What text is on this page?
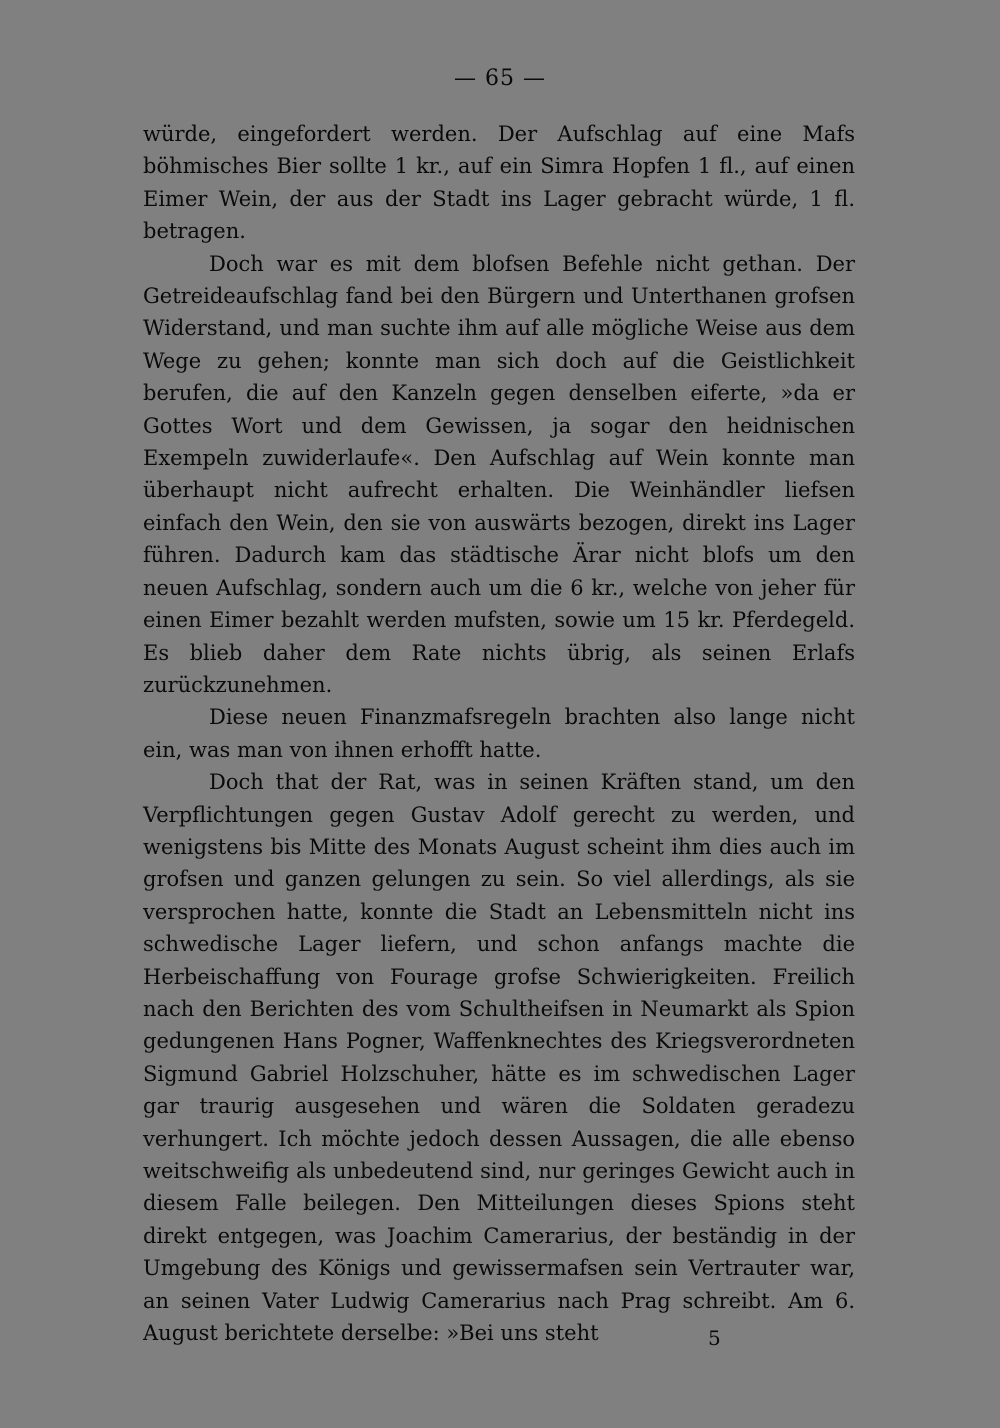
— 65 —

würde, eingefordert werden. Der Aufschlag auf eine Mafs böhmisches Bier sollte 1 kr., auf ein Simra Hopfen 1 fl., auf einen Eimer Wein, der aus der Stadt ins Lager gebracht würde, 1 fl. betragen.

Doch war es mit dem blofsen Befehle nicht gethan. Der Getreideaufschlag fand bei den Bürgern und Unterthanen grofsen Widerstand, und man suchte ihm auf alle mögliche Weise aus dem Wege zu gehen; konnte man sich doch auf die Geistlichkeit berufen, die auf den Kanzeln gegen denselben eiferte, »da er Gottes Wort und dem Gewissen, ja sogar den heidnischen Exempeln zuwiderlaufe«. Den Aufschlag auf Wein konnte man überhaupt nicht aufrecht erhalten. Die Weinhändler liefsen einfach den Wein, den sie von auswärts bezogen, direkt ins Lager führen. Dadurch kam das städtische Ärar nicht blofs um den neuen Aufschlag, sondern auch um die 6 kr., welche von jeher für einen Eimer bezahlt werden mufsten, sowie um 15 kr. Pferdegeld. Es blieb daher dem Rate nichts übrig, als seinen Erlafs zurückzunehmen.

Diese neuen Finanzmafsregeln brachten also lange nicht ein, was man von ihnen erhofft hatte.

Doch that der Rat, was in seinen Kräften stand, um den Verpflichtungen gegen Gustav Adolf gerecht zu werden, und wenigstens bis Mitte des Monats August scheint ihm dies auch im grofsen und ganzen gelungen zu sein. So viel allerdings, als sie versprochen hatte, konnte die Stadt an Lebensmitteln nicht ins schwedische Lager liefern, und schon anfangs machte die Herbeischaffung von Fourage grofse Schwierigkeiten. Freilich nach den Berichten des vom Schultheifsen in Neumarkt als Spion gedungenen Hans Pogner, Waffenknechtes des Kriegsverordneten Sigmund Gabriel Holzschuher, hätte es im schwedischen Lager gar traurig ausgesehen und wären die Soldaten geradezu verhungert. Ich möchte jedoch dessen Aussagen, die alle ebenso weitschweifig als unbedeutend sind, nur geringes Gewicht auch in diesem Falle beilegen. Den Mitteilungen dieses Spions steht direkt entgegen, was Joachim Camerarius, der beständig in der Umgebung des Königs und gewissermafsen sein Vertrauter war, an seinen Vater Ludwig Camerarius nach Prag schreibt. Am 6. August berichtete derselbe: »Bei uns steht	5
